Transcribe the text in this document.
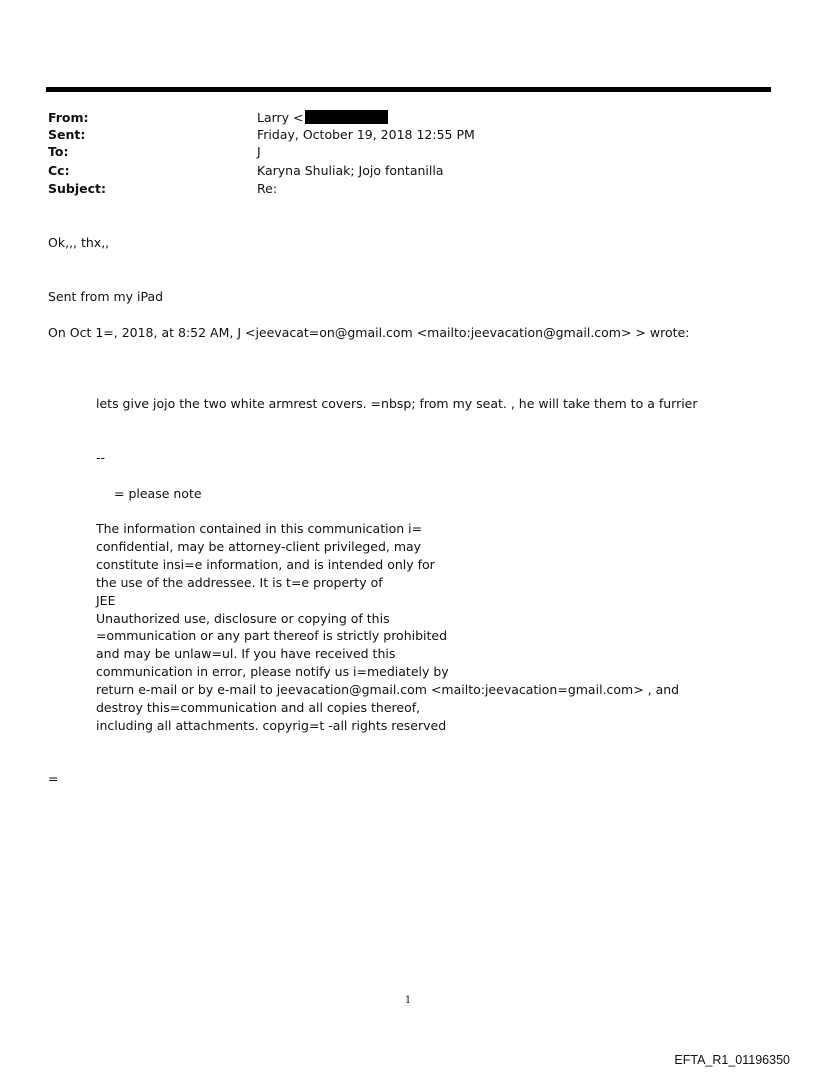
From:	Larry <
Sent:	Friday, October 19, 2018 12:55 PM
To:	J
Cc:	Karyna Shuliak; Jojo fontanilla
Subject:	Re:
Ok,,, thx,,
Sent from my iPad
On Oct 1=, 2018, at 8:52 AM, J <jeevacat=on@gmail.com <mailto:jeevacation@gmail.com> > wrote:
lets give jojo the two white armrest covers. =nbsp; from my seat. , he will take them to a furrier
--
= please note
The information contained in this communication i=
confidential, may be attorney-client privileged, may
constitute insi=e information, and is intended only for
the use of the addressee. It is t=e property of
JEE
Unauthorized use, disclosure or copying of this
=ommunication or any part thereof is strictly prohibited
and may be unlaw=ul. If you have received this
communication in error, please notify us i=mediately by
return e-mail or by e-mail to jeevacation@gmail.com <mailto:jeevacation=gmail.com> , and
destroy this=communication and all copies thereof,
including all attachments. copyrig=t -all rights reserved
=
1
EFTA_R1_01196350
